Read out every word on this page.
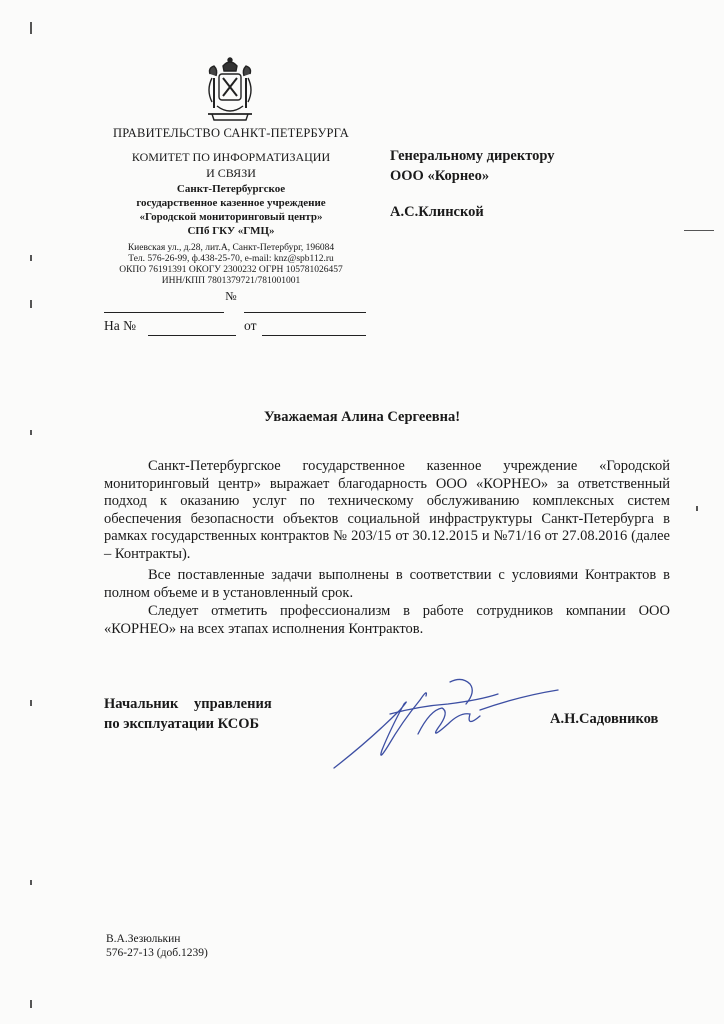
ПРАВИТЕЛЬСТВО САНКТ-ПЕТЕРБУРГА
КОМИТЕТ ПО ИНФОРМАТИЗАЦИИ
И СВЯЗИ
Санкт-Петербургское
государственное казенное учреждение
«Городской мониторинговый центр»
СПб ГКУ «ГМЦ»
Киевская ул., д.28, лит.А, Санкт-Петербург, 196084
Тел. 576-26-99, ф.438-25-70, e-mail: knz@spb112.ru
ОКПО 76191391 ОКОГУ 2300232 ОГРН 105781026457
ИНН/КПП 7801379721/781001001
№
На №	от
Генеральному директору
ООО «Корнео»
А.С.Клинской
Уважаемая Алина Сергеевна!
Санкт-Петербургское государственное казенное учреждение «Городской мониторинговый центр» выражает благодарность ООО «КОРНЕО» за ответственный подход к оказанию услуг по техническому обслуживанию комплексных систем обеспечения безопасности объектов социальной инфраструктуры Санкт-Петербурга в рамках государственных контрактов № 203/15 от 30.12.2015 и №71/16 от 27.08.2016 (далее – Контракты).
Все поставленные задачи выполнены в соответствии с условиями Контрактов в полном объеме и в установленный срок.
Следует отметить профессионализм в работе сотрудников компании ООО «КОРНЕО» на всех этапах исполнения Контрактов.
Начальник управления
по эксплуатации КСОБ	А.Н.Садовников
В.А.Зезюлькин
576-27-13 (доб.1239)
